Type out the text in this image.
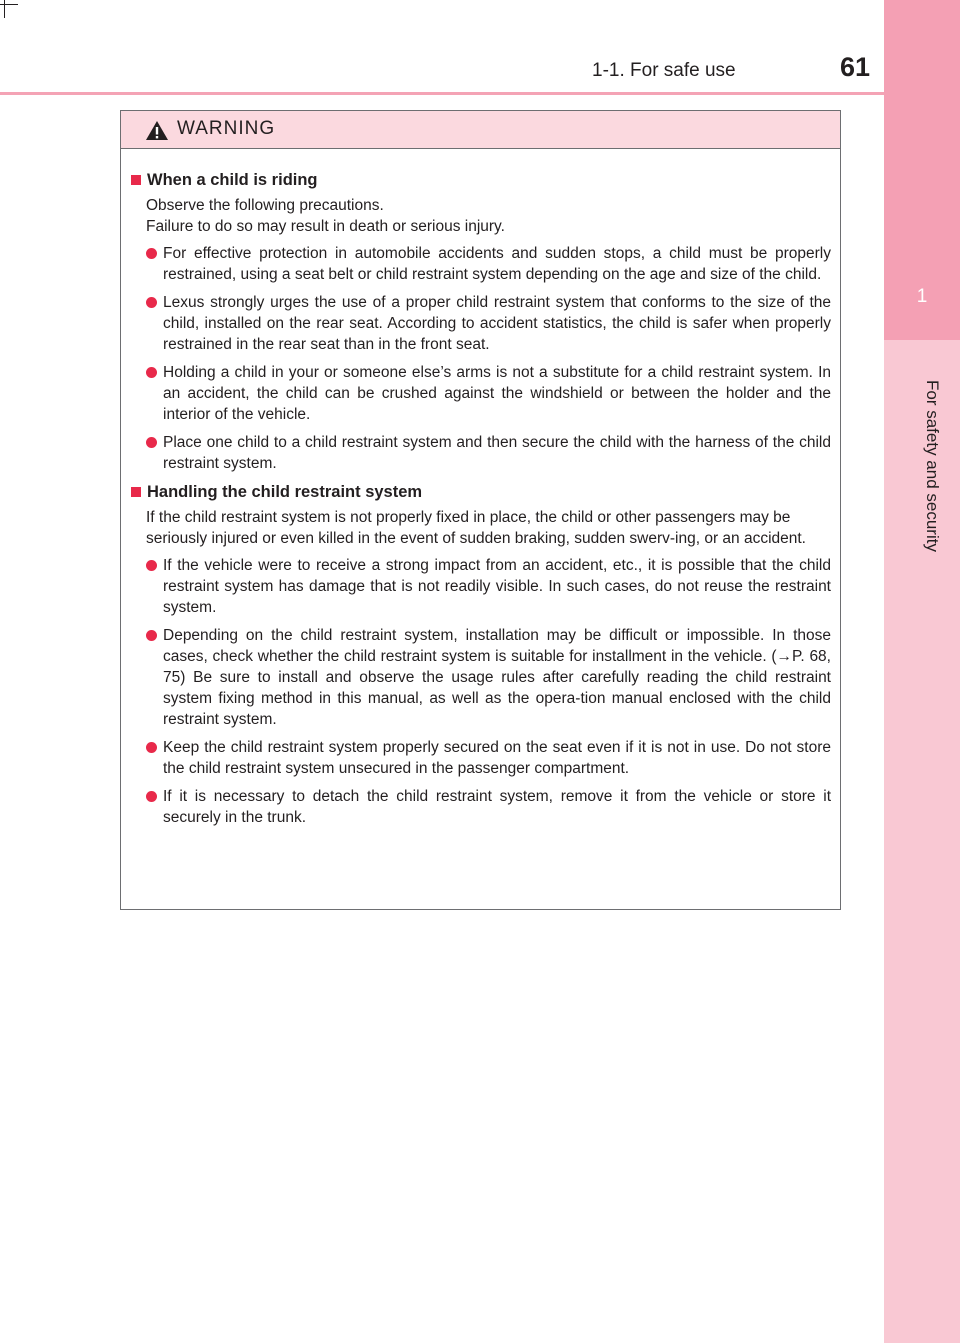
1-1. For safe use	61
1
For safety and security
WARNING
When a child is riding
Observe the following precautions.
Failure to do so may result in death or serious injury.
For effective protection in automobile accidents and sudden stops, a child must be properly restrained, using a seat belt or child restraint system depending on the age and size of the child.
Lexus strongly urges the use of a proper child restraint system that conforms to the size of the child, installed on the rear seat. According to accident statistics, the child is safer when properly restrained in the rear seat than in the front seat.
Holding a child in your or someone else’s arms is not a substitute for a child restraint system. In an accident, the child can be crushed against the windshield or between the holder and the interior of the vehicle.
Place one child to a child restraint system and then secure the child with the harness of the child restraint system.
Handling the child restraint system
If the child restraint system is not properly fixed in place, the child or other passengers may be seriously injured or even killed in the event of sudden braking, sudden swerv-ing, or an accident.
If the vehicle were to receive a strong impact from an accident, etc., it is possible that the child restraint system has damage that is not readily visible. In such cases, do not reuse the restraint system.
Depending on the child restraint system, installation may be difficult or impossible. In those cases, check whether the child restraint system is suitable for installment in the vehicle. (→P. 68, 75) Be sure to install and observe the usage rules after carefully reading the child restraint system fixing method in this manual, as well as the opera-tion manual enclosed with the child restraint system.
Keep the child restraint system properly secured on the seat even if it is not in use. Do not store the child restraint system unsecured in the passenger compartment.
If it is necessary to detach the child restraint system, remove it from the vehicle or store it securely in the trunk.
